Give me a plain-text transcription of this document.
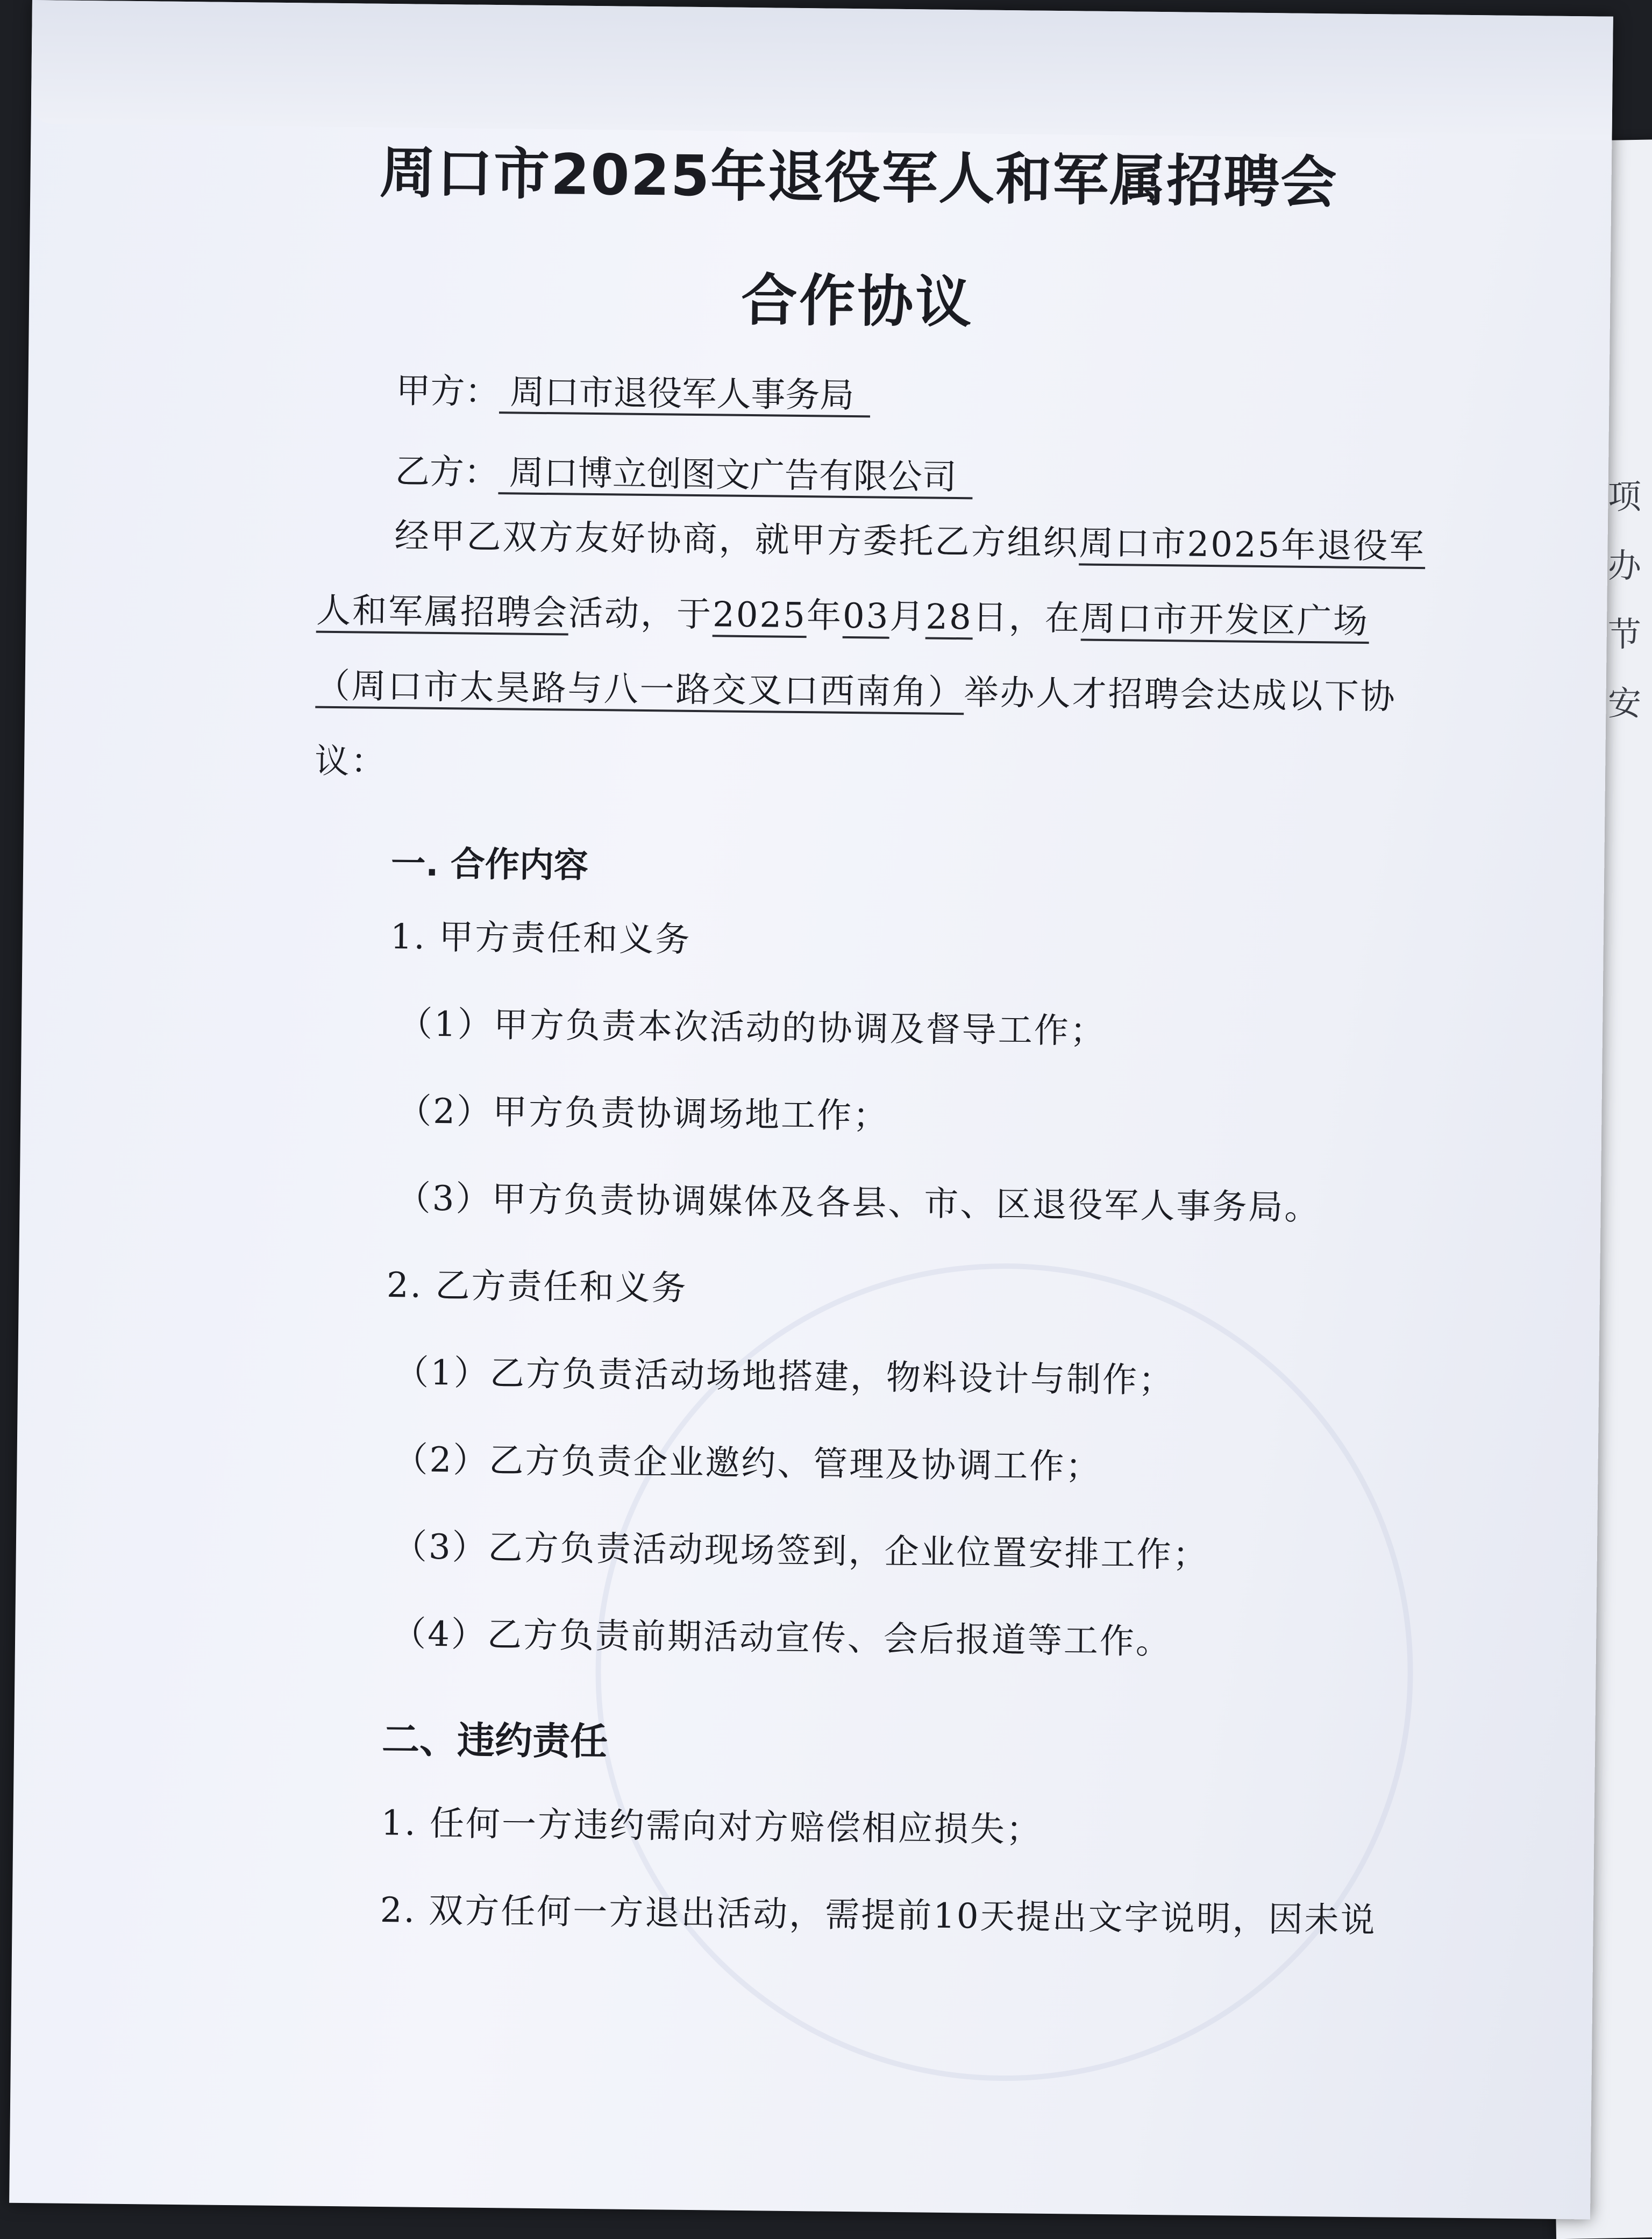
项
办
节
安
周口市2025年退役军人和军属招聘会
合作协议
甲方： 周口市退役军人事务局
乙方： 周口博立创图文广告有限公司

经甲乙双方友好协商，就甲方委托乙方组织周口市2025年退役军人和军属招聘会活动，于2025年03月28日，在周口市开发区广场（周口市太昊路与八一路交叉口西南角）举办人才招聘会达成以下协议：

一. 合作内容
1. 甲方责任和义务
（1）甲方负责本次活动的协调及督导工作；
（2）甲方负责协调场地工作；
（3）甲方负责协调媒体及各县、市、区退役军人事务局。
2. 乙方责任和义务
（1）乙方负责活动场地搭建，物料设计与制作；
（2）乙方负责企业邀约、管理及协调工作；
（3）乙方负责活动现场签到，企业位置安排工作；
（4）乙方负责前期活动宣传、会后报道等工作。
二、违约责任
1. 任何一方违约需向对方赔偿相应损失；
2. 双方任何一方退出活动，需提前10天提出文字说明，因未说
